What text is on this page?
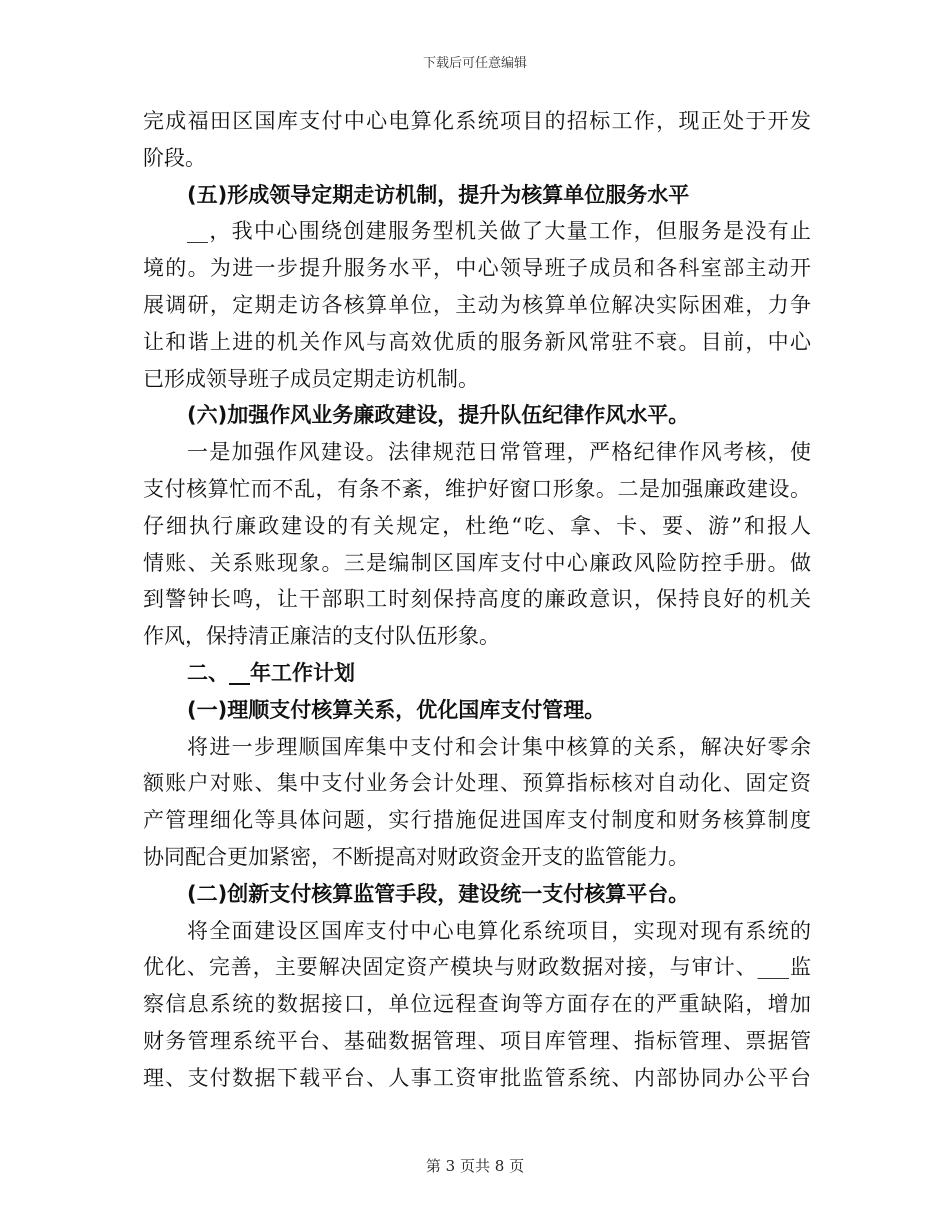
下载后可任意编辑
完成福田区国库支付中心电算化系统项目的招标工作，现正处于开发
阶段。
(五)形成领导定期走访机制，提升为核算单位服务水平
__，我中心围绕创建服务型机关做了大量工作，但服务是没有止
境的。为进一步提升服务水平，中心领导班子成员和各科室部主动开
展调研，定期走访各核算单位，主动为核算单位解决实际困难，力争
让和谐上进的机关作风与高效优质的服务新风常驻不衰。目前，中心
已形成领导班子成员定期走访机制。
(六)加强作风业务廉政建设，提升队伍纪律作风水平。
一是加强作风建设。法律规范日常管理，严格纪律作风考核，使
支付核算忙而不乱，有条不紊，维护好窗口形象。二是加强廉政建设。
仔细执行廉政建设的有关规定，杜绝“吃、拿、卡、要、游”和报人
情账、关系账现象。三是编制区国库支付中心廉政风险防控手册。做
到警钟长鸣，让干部职工时刻保持高度的廉政意识，保持良好的机关
作风，保持清正廉洁的支付队伍形象。
二、__年工作计划
(一)理顺支付核算关系，优化国库支付管理。
将进一步理顺国库集中支付和会计集中核算的关系，解决好零余
额账户对账、集中支付业务会计处理、预算指标核对自动化、固定资
产管理细化等具体问题，实行措施促进国库支付制度和财务核算制度
协同配合更加紧密，不断提高对财政资金开支的监管能力。
(二)创新支付核算监管手段，建设统一支付核算平台。
将全面建设区国库支付中心电算化系统项目，实现对现有系统的
优化、完善，主要解决固定资产模块与财政数据对接，与审计、___监
察信息系统的数据接口，单位远程查询等方面存在的严重缺陷，增加
财务管理系统平台、基础数据管理、项目库管理、指标管理、票据管
理、支付数据下载平台、人事工资审批监管系统、内部协同办公平台
第 3 页共 8 页
